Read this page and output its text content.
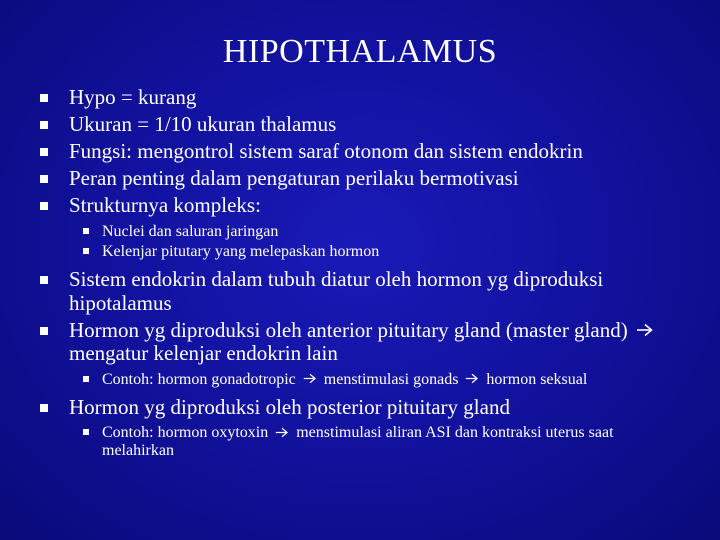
HIPOTHALAMUS
Hypo = kurang
Ukuran = 1/10 ukuran thalamus
Fungsi: mengontrol sistem saraf otonom dan sistem endokrin
Peran penting dalam pengaturan perilaku bermotivasi
Strukturnya kompleks:
Nuclei dan saluran jaringan
Kelenjar pitutary yang melepaskan hormon
Sistem endokrin dalam tubuh diatur oleh hormon yg diproduksi hipotalamus
Hormon yg diproduksi oleh anterior pituitary gland (master gland)  mengatur kelenjar endokrin lain
Contoh: hormon gonadotropic menstimulasi gonads hormon seksual
Hormon yg diproduksi oleh posterior pituitary gland
Contoh: hormon oxytoxin menstimulasi aliran ASI dan kontraksi uterus saat melahirkan
